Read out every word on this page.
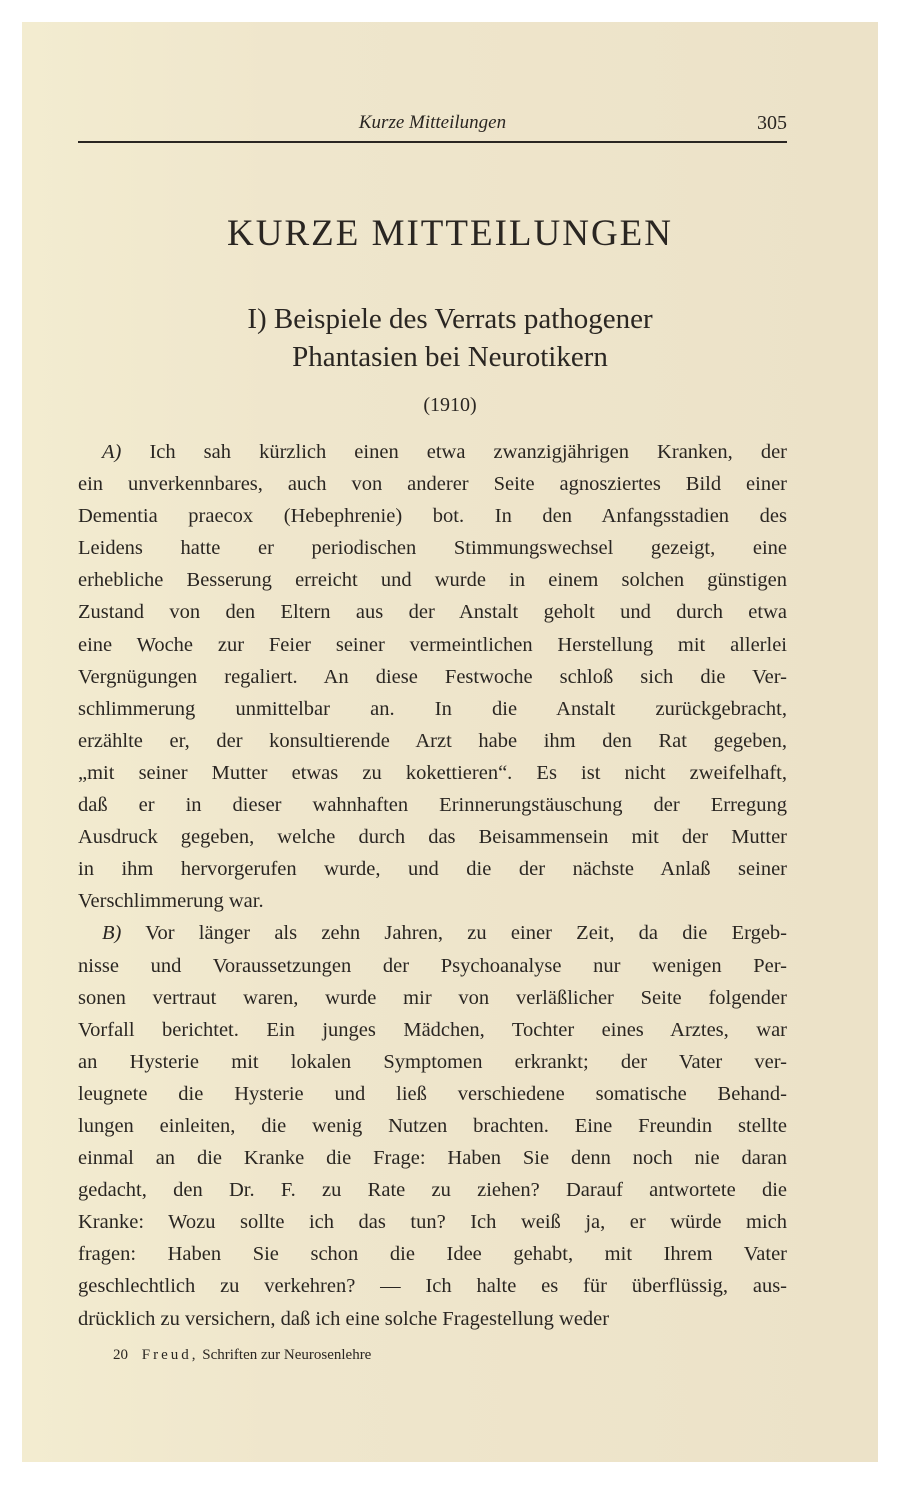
Kurze Mitteilungen	305
KURZE MITTEILUNGEN
I) Beispiele des Verrats pathogener
Phantasien bei Neurotikern
(1910)
A) Ich sah kürzlich einen etwa zwanzigjährigen Kranken, der
ein unverkennbares, auch von anderer Seite agnosziertes Bild einer
Dementia praecox (Hebephrenie) bot. In den Anfangsstadien des
Leidens hatte er periodischen Stimmungswechsel gezeigt, eine
erhebliche Besserung erreicht und wurde in einem solchen günstigen
Zustand von den Eltern aus der Anstalt geholt und durch etwa
eine Woche zur Feier seiner vermeintlichen Herstellung mit allerlei
Vergnügungen regaliert. An diese Festwoche schloß sich die Ver-
schlimmerung unmittelbar an. In die Anstalt zurückgebracht,
erzählte er, der konsultierende Arzt habe ihm den Rat gegeben,
„mit seiner Mutter etwas zu kokettieren“. Es ist nicht zweifelhaft,
daß er in dieser wahnhaften Erinnerungstäuschung der Erregung
Ausdruck gegeben, welche durch das Beisammensein mit der Mutter
in ihm hervorgerufen wurde, und die der nächste Anlaß seiner
Verschlimmerung war.
B) Vor länger als zehn Jahren, zu einer Zeit, da die Ergeb-
nisse und Voraussetzungen der Psychoanalyse nur wenigen Per-
sonen vertraut waren, wurde mir von verläßlicher Seite folgender
Vorfall berichtet. Ein junges Mädchen, Tochter eines Arztes, war
an Hysterie mit lokalen Symptomen erkrankt; der Vater ver-
leugnete die Hysterie und ließ verschiedene somatische Behand-
lungen einleiten, die wenig Nutzen brachten. Eine Freundin stellte
einmal an die Kranke die Frage: Haben Sie denn noch nie daran
gedacht, den Dr. F. zu Rate zu ziehen? Darauf antwortete die
Kranke: Wozu sollte ich das tun? Ich weiß ja, er würde mich
fragen: Haben Sie schon die Idee gehabt, mit Ihrem Vater
geschlechtlich zu verkehren? — Ich halte es für überflüssig, aus-
drücklich zu versichern, daß ich eine solche Fragestellung weder
20 Freud, Schriften zur Neurosenlehre
